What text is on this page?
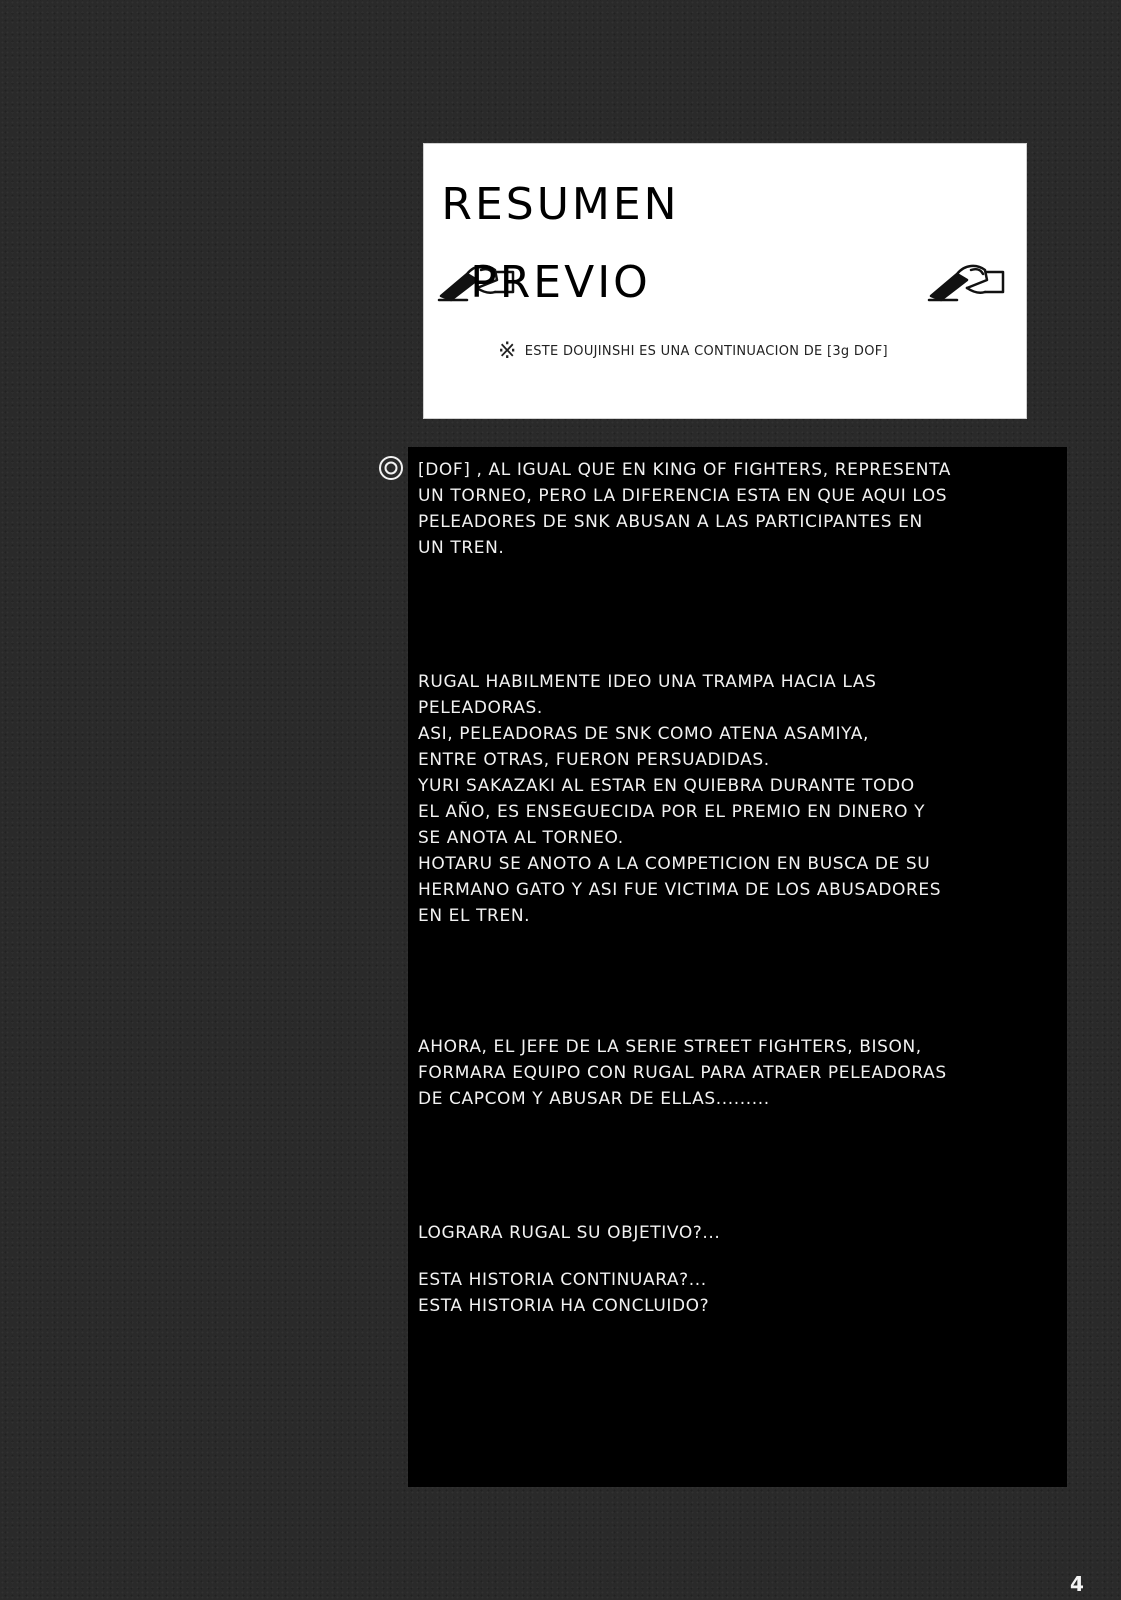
RESUMEN
PREVIO
※ ESTE DOUJINSHI ES UNA CONTINUACION DE [3g DOF]
[DOF] , AL IGUAL QUE EN KING OF FIGHTERS, REPRESENTA
UN TORNEO, PERO LA DIFERENCIA ESTA EN QUE AQUI LOS
PELEADORES DE SNK ABUSAN A LAS PARTICIPANTES EN
UN TREN.
RUGAL HABILMENTE IDEO UNA TRAMPA HACIA LAS
PELEADORAS.
ASI, PELEADORAS DE SNK COMO ATENA ASAMIYA,
ENTRE OTRAS, FUERON PERSUADIDAS.
YURI SAKAZAKI AL ESTAR EN QUIEBRA DURANTE TODO
EL AÑO, ES ENSEGUECIDA POR EL PREMIO EN DINERO Y
SE ANOTA AL TORNEO.
HOTARU SE ANOTO A LA COMPETICION EN BUSCA DE SU
HERMANO GATO Y ASI FUE VICTIMA DE LOS ABUSADORES
EN EL TREN.
AHORA, EL JEFE DE LA SERIE STREET FIGHTERS, BISON,
FORMARA EQUIPO CON RUGAL PARA ATRAER PELEADORAS
DE CAPCOM Y ABUSAR DE ELLAS.........
LOGRARA RUGAL SU OBJETIVO?...
ESTA HISTORIA CONTINUARA?...
ESTA HISTORIA HA CONCLUIDO?
4
